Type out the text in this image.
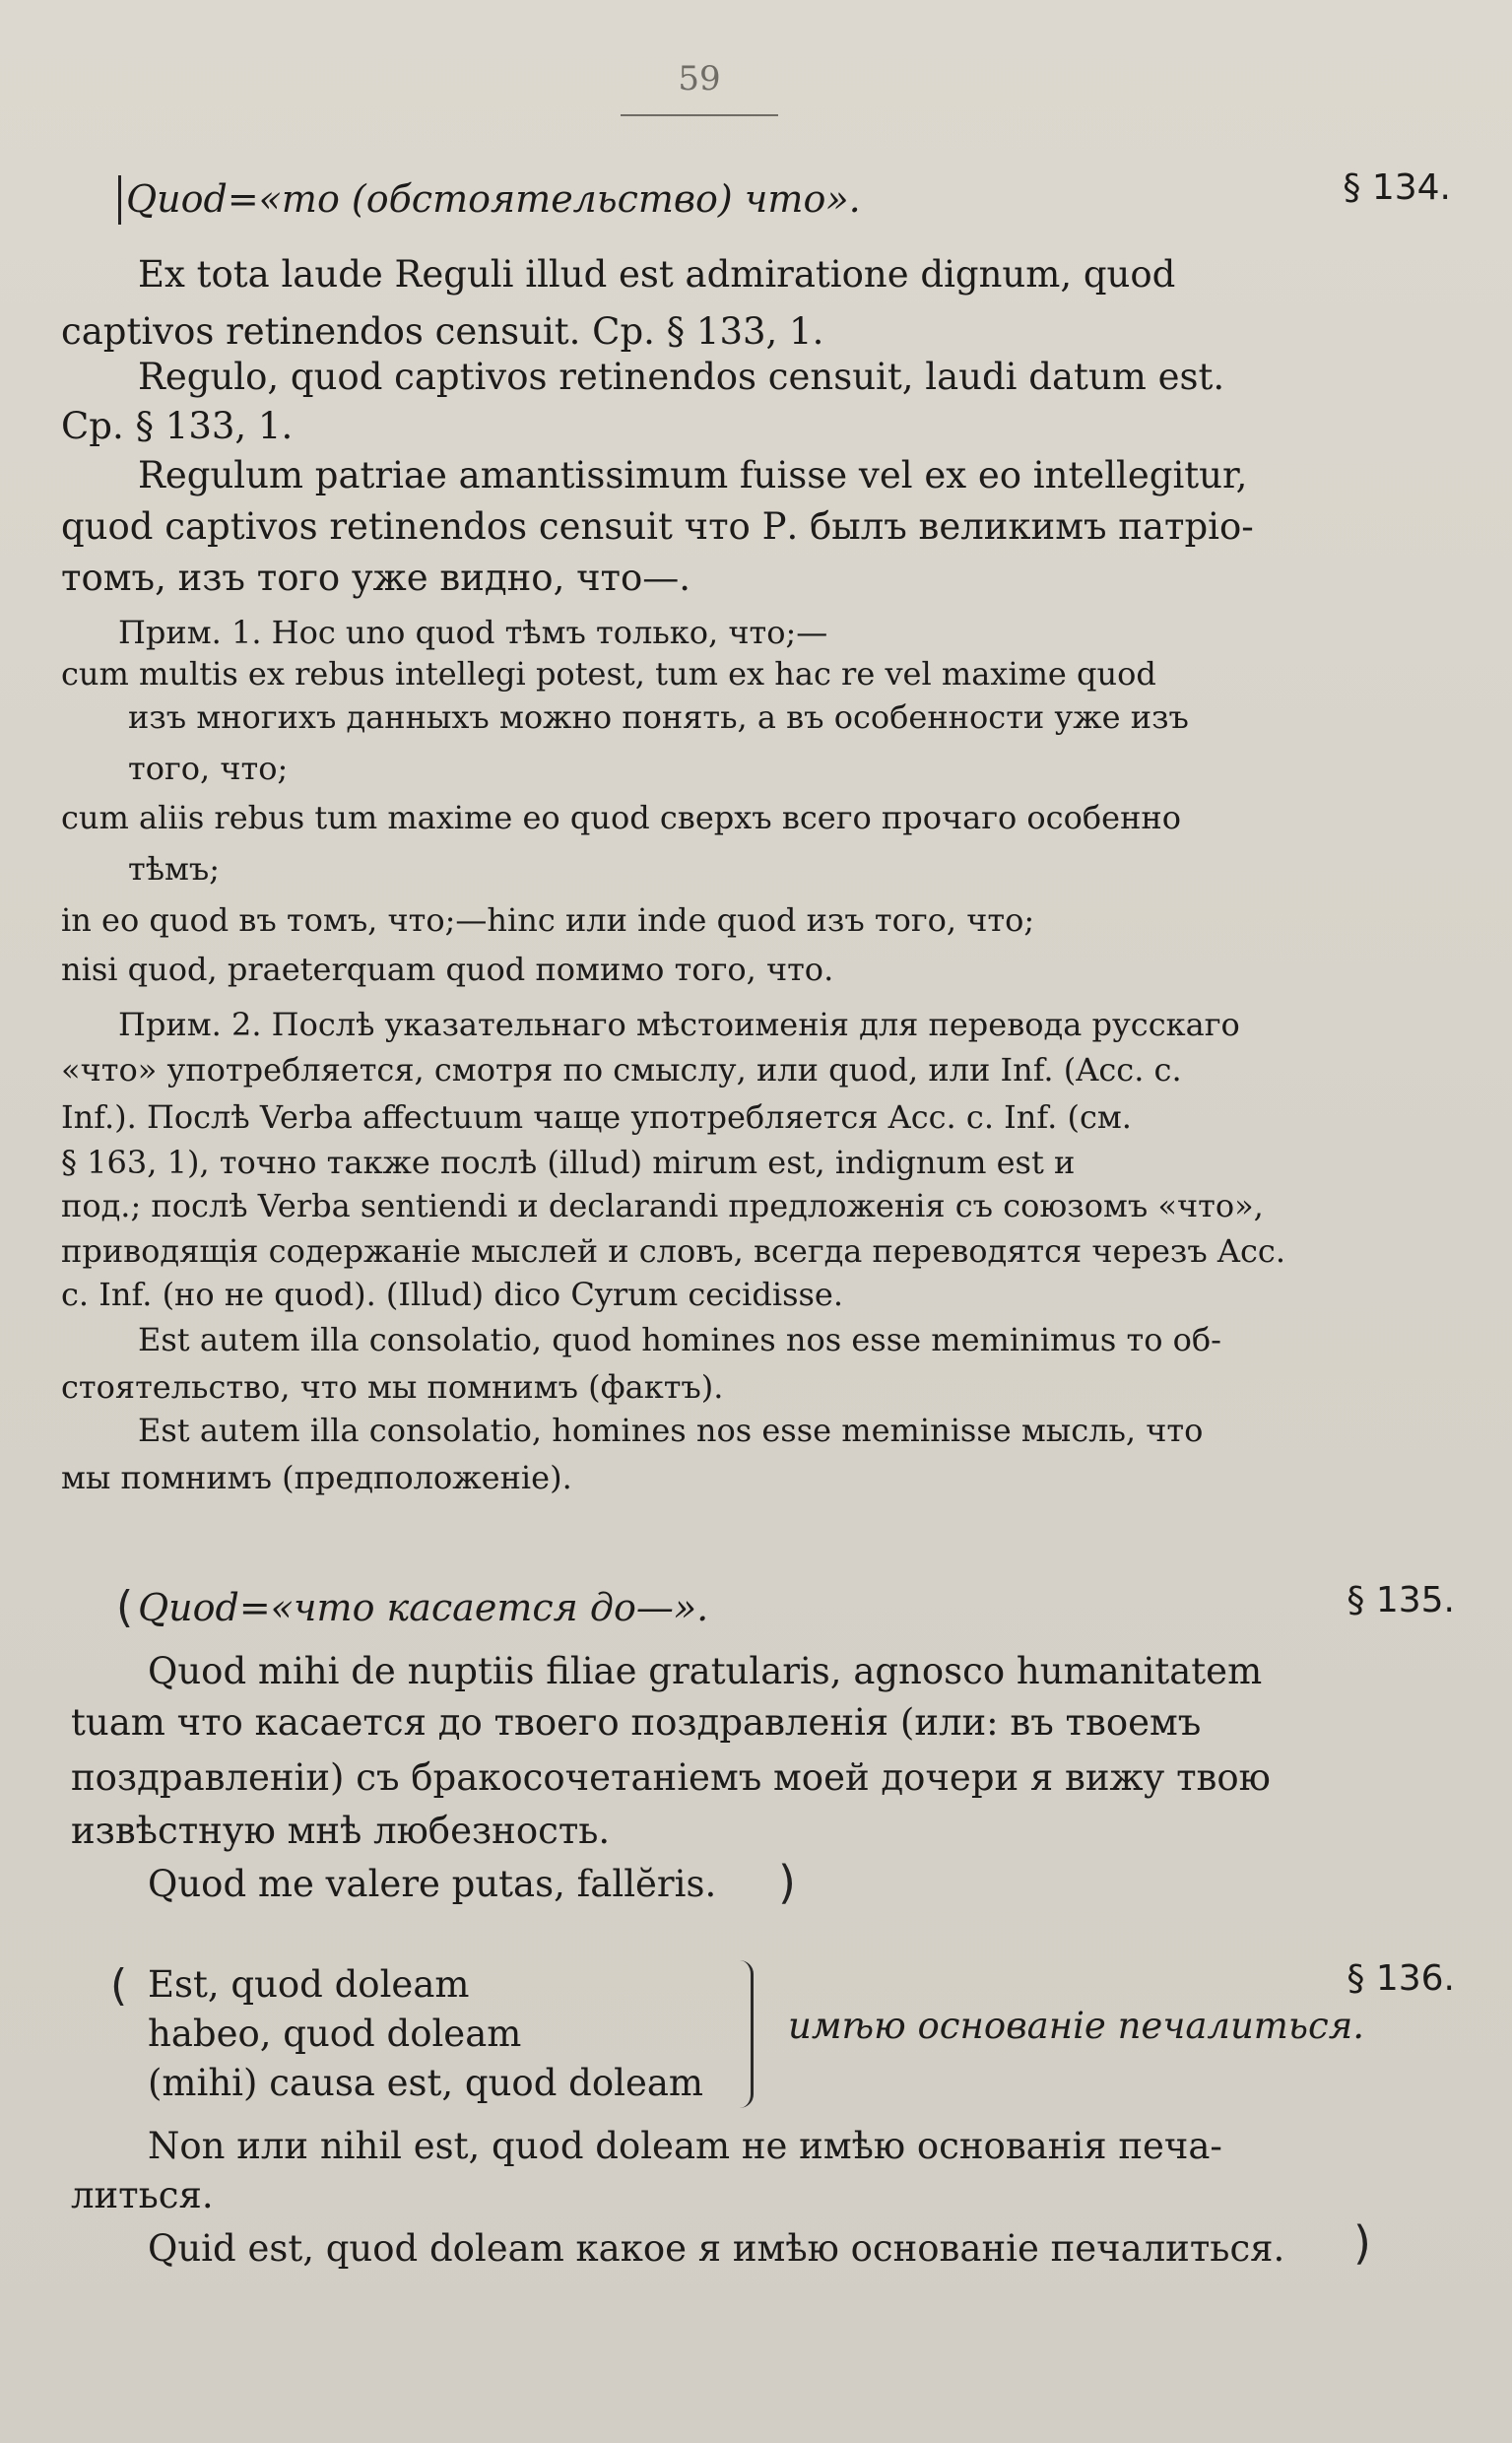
59
Quod=«то (обстоятельство) что».	§ 134.
Ex tota laude Reguli illud est admiratione dignum, quod
captivos retinendos censuit. Ср. § 133, 1.
Regulo, quod captivos retinendos censuit, laudi datum est.
Ср. § 133, 1.
Regulum patriae amantissimum fuisse vel ex eo intellegitur,
quod captivos retinendos censuit что Р. былъ великимъ патріо-
томъ, изъ того уже видно, что—.
Прим. 1. Hoc uno quod тѣмъ только, что;—
cum multis ex rebus intellegi potest, tum ex hac re vel maxime quod
изъ многихъ данныхъ можно понять, а въ особенности уже изъ
того, что;
cum aliis rebus tum maxime eo quod сверхъ всего прочаго особенно
тѣмъ;
in eo quod въ томъ, что;—hinc или inde quod изъ того, что;
nisi quod, praeterquam quod помимо того, что.
Прим. 2. Послѣ указательнаго мѣстоименія для перевода русскаго
«что» употребляется, смотря по смыслу, или quod, или Inf. (Acc. c.
Inf.). Послѣ Verba affectuum чаще употребляется Acc. c. Inf. (см.
§ 163, 1), точно также послѣ (illud) mirum est, indignum est и
под.; послѣ Verba sentiendi и declarandi предложенія съ союзомъ «что»,
приводящія содержаніе мыслей и словъ, всегда переводятся черезъ Acc.
c. Inf. (но не quod). (Illud) dico Cyrum cecidisse.
Est autem illa consolatio, quod homines nos esse meminimus то об-
стоятельство, что мы помнимъ (фактъ).
Est autem illa consolatio, homines nos esse meminisse мысль, что
мы помнимъ (предположеніе).
( Quod=«что касается до—».	§ 135.
Quod mihi de nuptiis filiae gratularis, agnosco humanitatem
tuam что касается до твоего поздравленія (или: въ твоемъ
поздравленіи) съ бракосочетаніемъ моей дочери я вижу твою
извѣстную мнѣ любезность.
Quod me valere putas, fallĕris. )
(	§ 136.
Est, quod doleam
habeo, quod doleam
(mihi) causa est, quod doleam
имѣю основаніе печалиться.
Non или nihil est, quod doleam не имѣю основанія печа-
литься.
Quid est, quod doleam какое я имѣю основаніе печалиться. )
